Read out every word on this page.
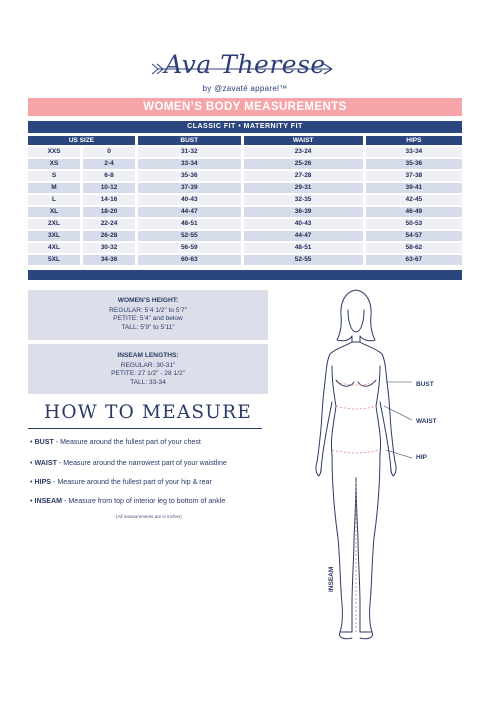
Ava Therese
by @zavaté apparel™
WOMEN’S BODY MEASUREMENTS
CLASSIC FIT • MATERNITY FIT
US SIZE		BUST	WAIST	HIPS
XXS	0	31-32	23-24	33-34
XS	2-4	33-34	25-26	35-36
S	6-8	35-36	27-28	37-38
M	10-12	37-39	29-31	39-41
L	14-16	40-43	32-35	42-45
XL	18-20	44-47	36-39	46-49
2XL	22-24	48-51	40-43	50-53
3XL	26-28	52-55	44-47	54-57
4XL	30-32	56-59	48-51	58-62
5XL	34-36	60-63	52-55	63-67
WOMEN’S HEIGHT:
REGULAR: 5’4 1/2” to 5’7”
PETITE: 5’4” and below
TALL: 5’9” to 5’11”
INSEAM LENGTHS:
REGULAR: 30-31”
PETITE: 27 1/2” - 28 1/2”
TALL: 33-34
HOW TO MEASURE
• BUST - Measure around the fullest part of your chest
• WAIST - Measure around the narrowest part of your waistline
• HIPS - Measure around the fullest part of your hip & rear
• INSEAM - Measure from top of interior leg to bottom of ankle
(All measurements are in inches)
BUST
WAIST
HIP
INSEAM
